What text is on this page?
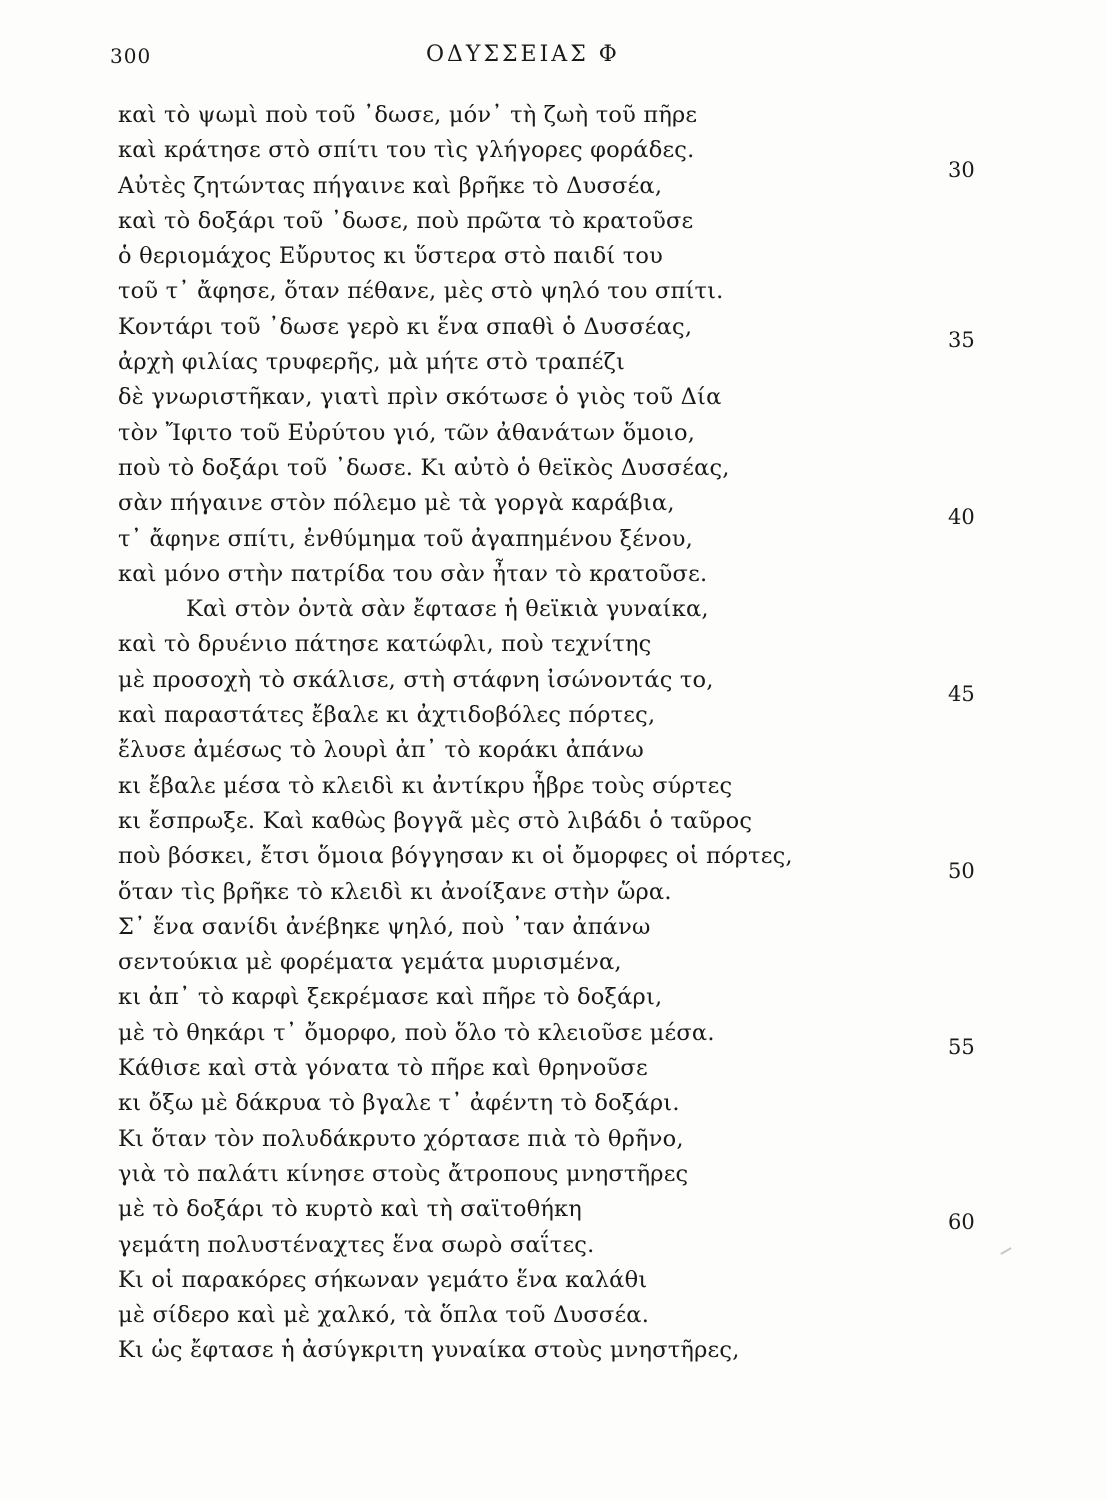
300	ΟΔΥΣΣΕΙΑΣ Φ
καὶ τὸ ψωμὶ ποὺ τοῦ ᾿δωσε, μόν᾿ τὴ ζωὴ τοῦ πῆρε
καὶ κράτησε στὸ σπίτι του τὶς γλήγορες φοράδες.
Αὐτὲς ζητώντας πήγαινε καὶ βρῆκε τὸ Δυσσέα,
καὶ τὸ δοξάρι τοῦ ᾿δωσε, ποὺ πρῶτα τὸ κρατοῦσε
ὁ θεριομάχος Εὔρυτος κι ὕστερα στὸ παιδί του
τοῦ τ᾿ ἄφησε, ὅταν πέθανε, μὲς στὸ ψηλό του σπίτι.
Κοντάρι τοῦ ᾿δωσε γερὸ κι ἕνα σπαθὶ ὁ Δυσσέας,
ἀρχὴ φιλίας τρυφερῆς, μὰ μήτε στὸ τραπέζι
δὲ γνωριστῆκαν, γιατὶ πρὶν σκότωσε ὁ γιὸς τοῦ Δία
τὸν Ἴφιτο τοῦ Εὐρύτου γιό, τῶν ἀθανάτων ὅμοιο,
ποὺ τὸ δοξάρι τοῦ ᾿δωσε. Κι αὐτὸ ὁ θεϊκὸς Δυσσέας,
σὰν πήγαινε στὸν πόλεμο μὲ τὰ γοργὰ καράβια,
τ᾿ ἄφηνε σπίτι, ἐνθύμημα τοῦ ἀγαπημένου ξένου,
καὶ μόνο στὴν πατρίδα του σὰν ἦταν τὸ κρατοῦσε.
Καὶ στὸν ὀντὰ σὰν ἔφτασε ἡ θεϊκιὰ γυναίκα,
καὶ τὸ δρυένιο πάτησε κατώφλι, ποὺ τεχνίτης
μὲ προσοχὴ τὸ σκάλισε, στὴ στάφνη ἰσώνοντάς το,
καὶ παραστάτες ἔβαλε κι ἀχτιδοβόλες πόρτες,
ἔλυσε ἀμέσως τὸ λουρὶ ἀπ᾿ τὸ κοράκι ἀπάνω
κι ἔβαλε μέσα τὸ κλειδὶ κι ἀντίκρυ ἧβρε τοὺς σύρτες
κι ἔσπρωξε. Καὶ καθὼς βογγᾶ μὲς στὸ λιβάδι ὁ ταῦρος
ποὺ βόσκει, ἔτσι ὅμοια βόγγησαν κι οἱ ὄμορφες οἱ πόρτες,
ὅταν τὶς βρῆκε τὸ κλειδὶ κι ἀνοίξανε στὴν ὥρα.
Σ᾿ ἕνα σανίδι ἀνέβηκε ψηλό, ποὺ ᾿ταν ἀπάνω
σεντούκια μὲ φορέματα γεμάτα μυρισμένα,
κι ἀπ᾿ τὸ καρφὶ ξεκρέμασε καὶ πῆρε τὸ δοξάρι,
μὲ τὸ θηκάρι τ᾿ ὄμορφο, ποὺ ὅλο τὸ κλειοῦσε μέσα.
Κάθισε καὶ στὰ γόνατα τὸ πῆρε καὶ θρηνοῦσε
κι ὄξω μὲ δάκρυα τὸ βγαλε τ᾿ ἀφέντη τὸ δοξάρι.
Κι ὅταν τὸν πολυδάκρυτο χόρτασε πιὰ τὸ θρῆνο,
γιὰ τὸ παλάτι κίνησε στοὺς ἄτροπους μνηστῆρες
μὲ τὸ δοξάρι τὸ κυρτὸ καὶ τὴ σαϊτοθήκη
γεμάτη πολυστέναχτες ἕνα σωρὸ σαΐτες.
Κι οἱ παρακόρες σήκωναν γεμάτο ἕνα καλάθι
μὲ σίδερο καὶ μὲ χαλκό, τὰ ὅπλα τοῦ Δυσσέα.
Κι ὡς ἔφτασε ἡ ἀσύγκριτη γυναίκα στοὺς μνηστῆρες,
30
35
40
45
50
55
60
